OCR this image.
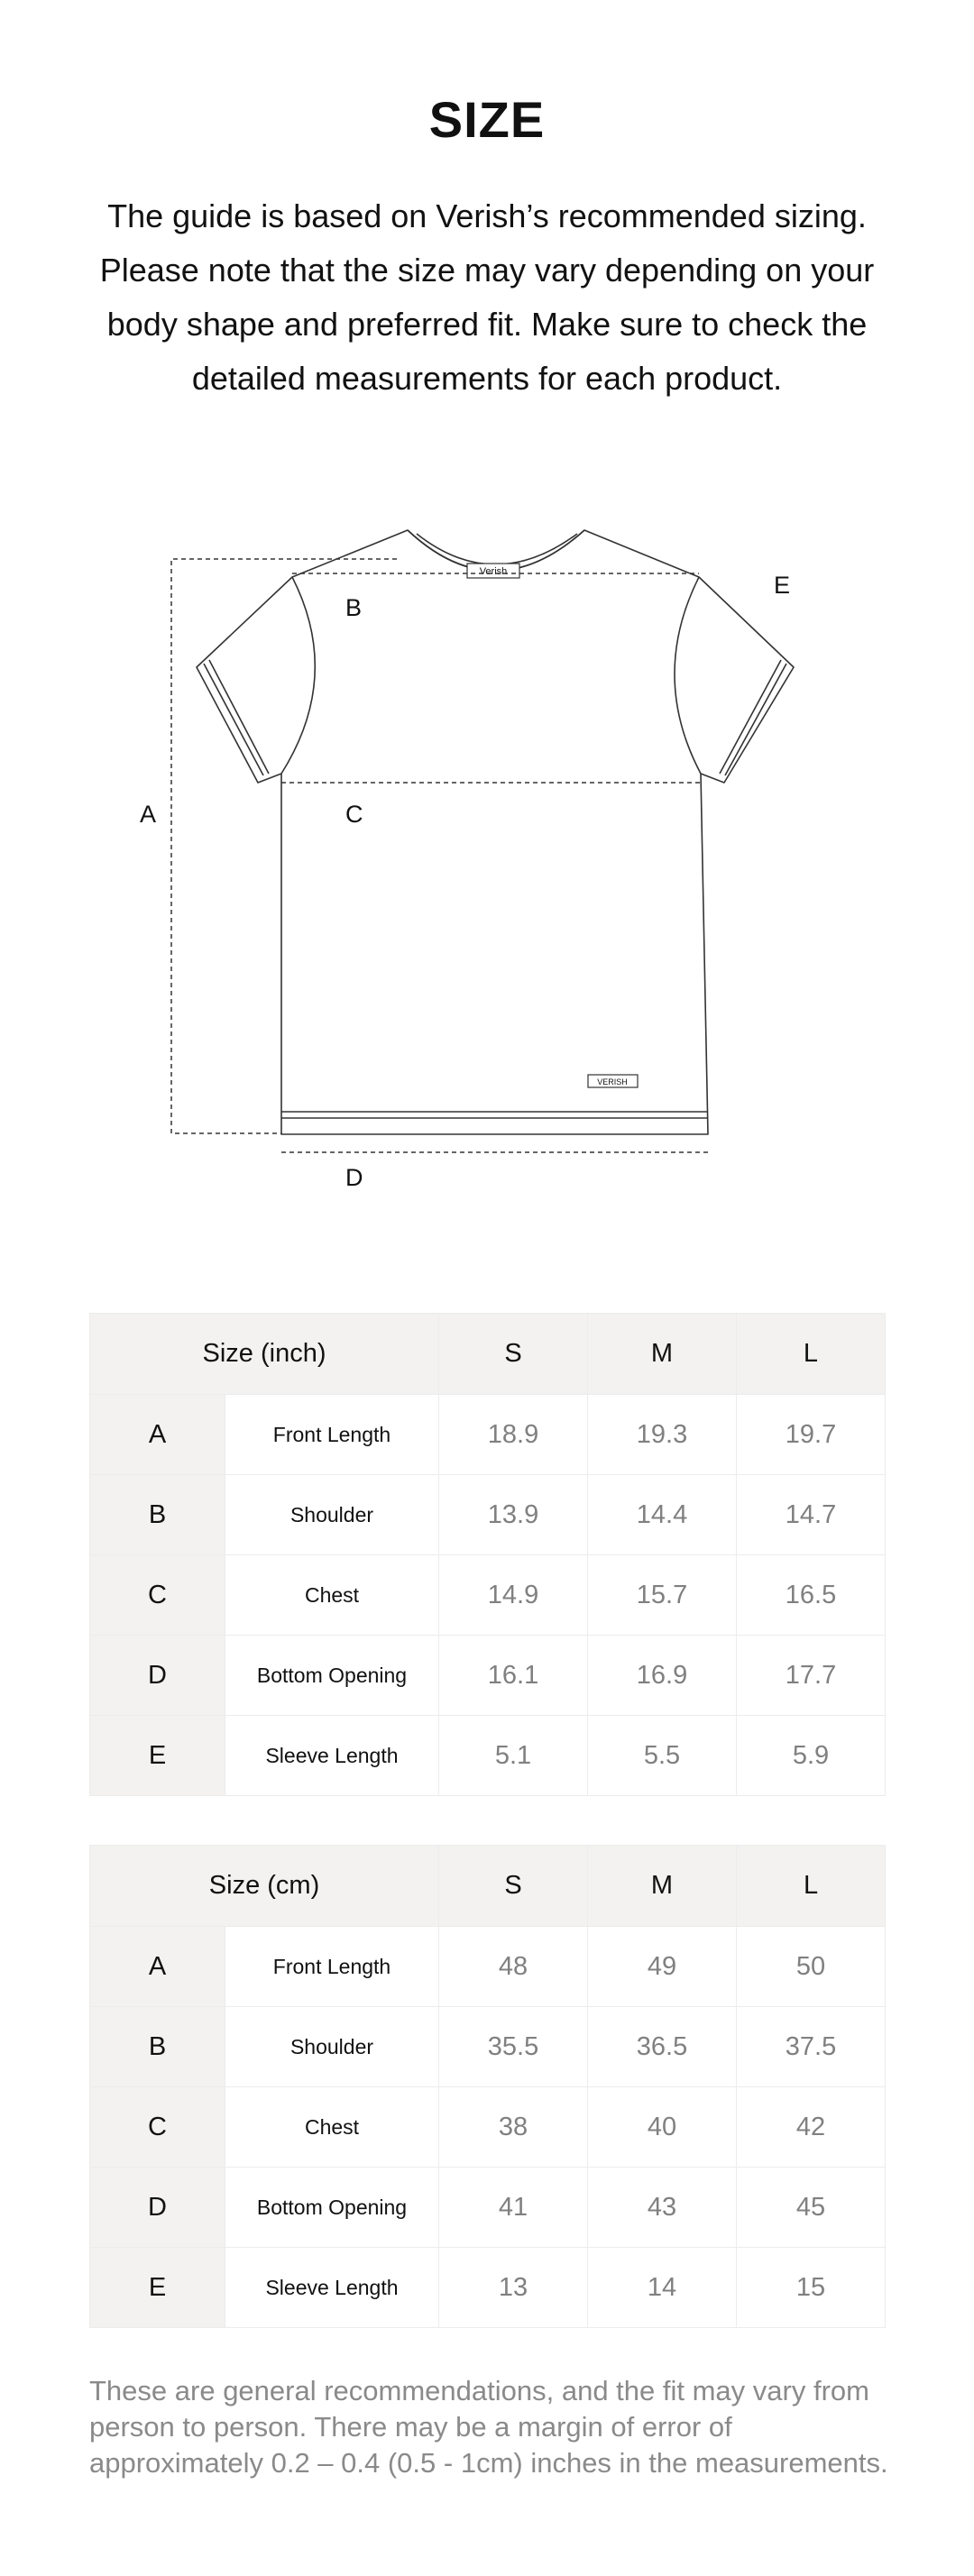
SIZE

The guide is based on Verish’s recommended sizing. Please note that the size may vary depending on your body shape and preferred fit. Make sure to check the detailed measurements for each product.

Verish
VERISH
A
B
C
D
E
Size (inch)		S	M	L
A	Front Length	18.9	19.3	19.7
B	Shoulder	13.9	14.4	14.7
C	Chest	14.9	15.7	16.5
D	Bottom Opening	16.1	16.9	17.7
E	Sleeve Length	5.1	5.5	5.9
Size (cm)		S	M	L
A	Front Length	48	49	50
B	Shoulder	35.5	36.5	37.5
C	Chest	38	40	42
D	Bottom Opening	41	43	45
E	Sleeve Length	13	14	15

These are general recommendations, and the fit may vary from person to person. There may be a margin of error of approximately 0.2 – 0.4 (0.5 - 1cm) inches in the measurements.
